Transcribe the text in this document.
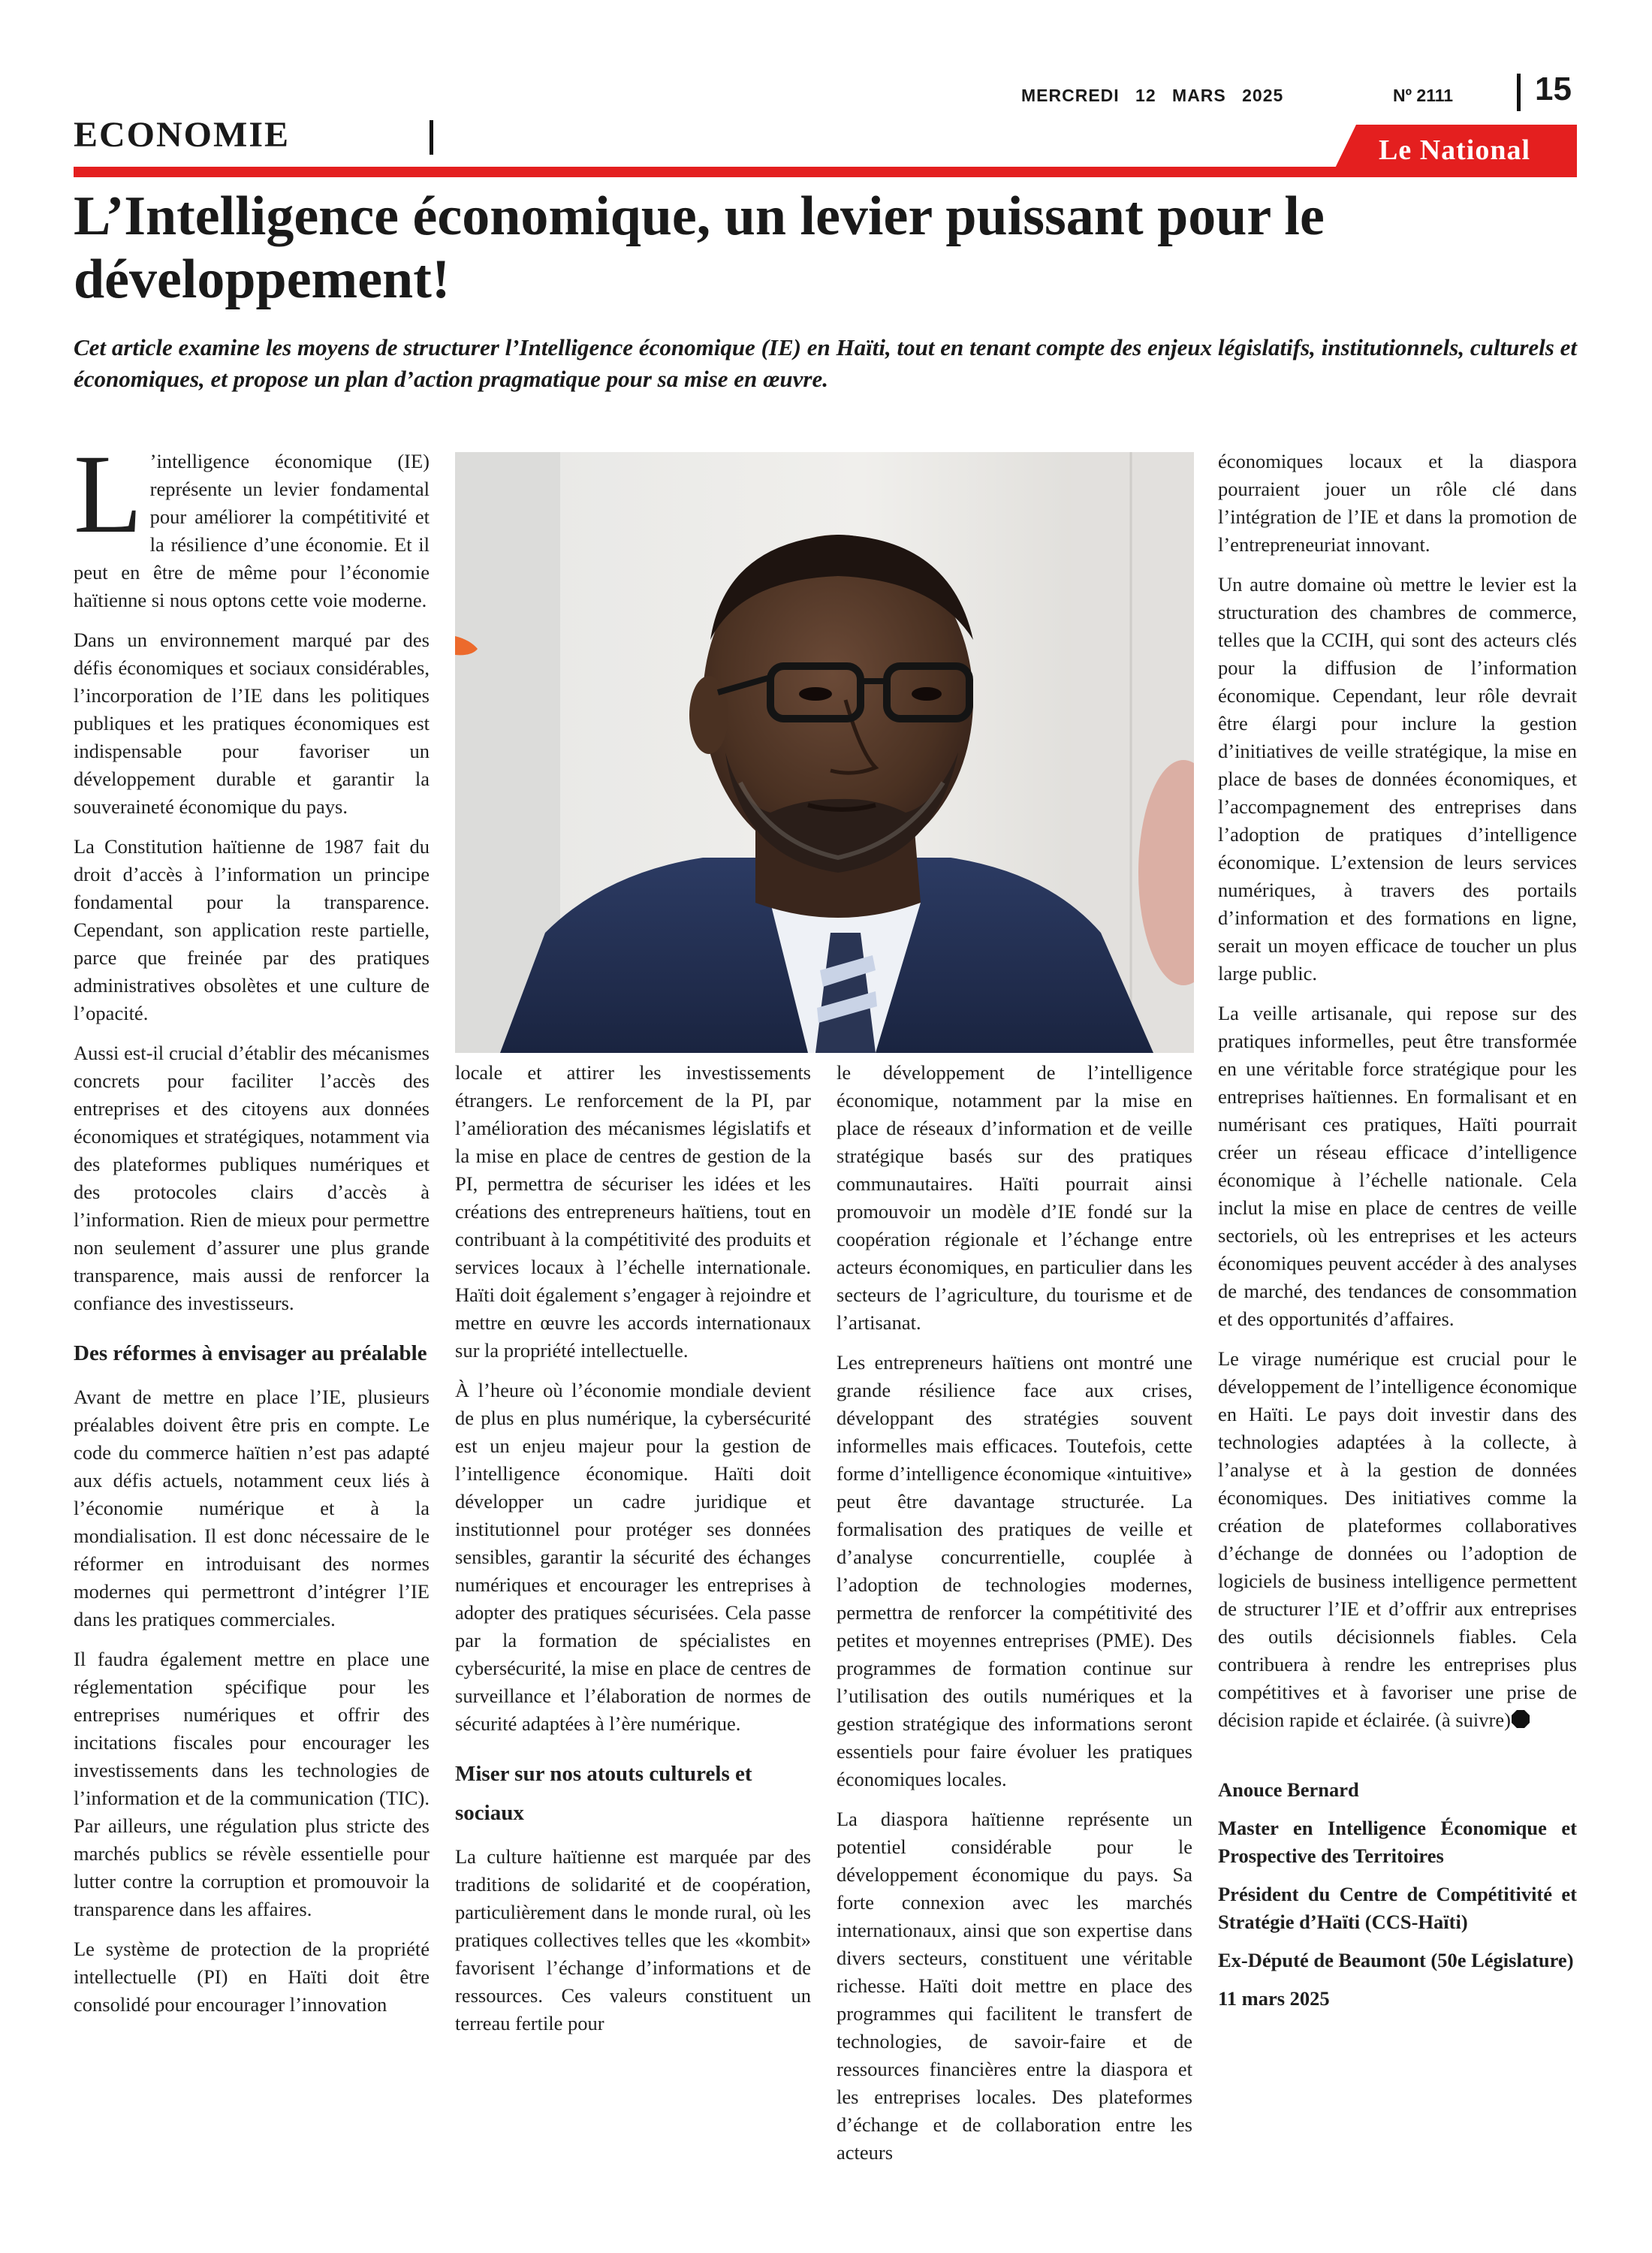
MERCREDI 12 MARS 2025	Nº 2111 15
ECONOMIE	Le National
L’Intelligence économique, un levier puissant pour le développement!

Cet article examine les moyens de structurer l’Intelligence économique (IE) en Haïti, tout en tenant compte des enjeux législatifs, institutionnels, culturels et économiques, et propose un plan d’action pragmatique pour sa mise en œuvre.

L ’intelligence économique (IE) représente un levier fondamental pour améliorer la compétitivité et la résilience d’une économie. Et il peut en être de même pour l’économie haïtienne si nous optons cette voie moderne.

Dans un environnement marqué par des défis économiques et sociaux considérables, l’incorporation de l’IE dans les politiques publiques et les pratiques économiques est indispensable pour favoriser un développement durable et garantir la souveraineté économique du pays.

La Constitution haïtienne de 1987 fait du droit d’accès à l’information un principe fondamental pour la transparence. Cependant, son application reste partielle, parce que freinée par des pratiques administratives obsolètes et une culture de l’opacité.

Aussi est-il crucial d’établir des mécanismes concrets pour faciliter l’accès des entreprises et des citoyens aux données économiques et stratégiques, notamment via des plateformes publiques numériques et des protocoles clairs d’accès à l’information. Rien de mieux pour permettre non seulement d’assurer une plus grande transparence, mais aussi de renforcer la confiance des investisseurs.

Des réformes à envisager au préalable

Avant de mettre en place l’IE, plusieurs préalables doivent être pris en compte. Le code du commerce haïtien n’est pas adapté aux défis actuels, notamment ceux liés à l’économie numérique et à la mondialisation. Il est donc nécessaire de le réformer en introduisant des normes modernes qui permettront d’intégrer l’IE dans les pratiques commerciales.

Il faudra également mettre en place une réglementation spécifique pour les entreprises numériques et offrir des incitations fiscales pour encourager les investissements dans les technologies de l’information et de la communication (TIC). Par ailleurs, une régulation plus stricte des marchés publics se révèle essentielle pour lutter contre la corruption et promouvoir la transparence dans les affaires.

Le système de protection de la propriété intellectuelle (PI) en Haïti doit être consolidé pour encourager l’innovation

locale et attirer les investissements étrangers. Le renforcement de la PI, par l’amélioration des mécanismes législatifs et la mise en place de centres de gestion de la PI, permettra de sécuriser les idées et les créations des entrepreneurs haïtiens, tout en contribuant à la compétitivité des produits et services locaux à l’échelle internationale. Haïti doit également s’engager à rejoindre et mettre en œuvre les accords internationaux sur la propriété intellectuelle.

À l’heure où l’économie mondiale devient de plus en plus numérique, la cybersécurité est un enjeu majeur pour la gestion de l’intelligence économique. Haïti doit développer un cadre juridique et institutionnel pour protéger ses données sensibles, garantir la sécurité des échanges numériques et encourager les entreprises à adopter des pratiques sécurisées. Cela passe par la formation de spécialistes en cybersécurité, la mise en place de centres de surveillance et l’élaboration de normes de sécurité adaptées à l’ère numérique.

Miser sur nos atouts culturels et sociaux

La culture haïtienne est marquée par des traditions de solidarité et de coopération, particulièrement dans le monde rural, où les pratiques collectives telles que les «kombit» favorisent l’échange d’informations et de ressources. Ces valeurs constituent un terreau fertile pour

le développement de l’intelligence économique, notamment par la mise en place de réseaux d’information et de veille stratégique basés sur des pratiques communautaires. Haïti pourrait ainsi promouvoir un modèle d’IE fondé sur la coopération régionale et l’échange entre acteurs économiques, en particulier dans les secteurs de l’agriculture, du tourisme et de l’artisanat.

Les entrepreneurs haïtiens ont montré une grande résilience face aux crises, développant des stratégies souvent informelles mais efficaces. Toutefois, cette forme d’intelligence économique «intuitive» peut être davantage structurée. La formalisation des pratiques de veille et d’analyse concurrentielle, couplée à l’adoption de technologies modernes, permettra de renforcer la compétitivité des petites et moyennes entreprises (PME). Des programmes de formation continue sur l’utilisation des outils numériques et la gestion stratégique des informations seront essentiels pour faire évoluer les pratiques économiques locales.

La diaspora haïtienne représente un potentiel considérable pour le développement économique du pays. Sa forte connexion avec les marchés internationaux, ainsi que son expertise dans divers secteurs, constituent une véritable richesse. Haïti doit mettre en place des programmes qui facilitent le transfert de technologies, de savoir-faire et de ressources financières entre la diaspora et les entreprises locales. Des plateformes d’échange et de collaboration entre les acteurs

économiques locaux et la diaspora pourraient jouer un rôle clé dans l’intégration de l’IE et dans la promotion de l’entrepreneuriat innovant.

Un autre domaine où mettre le levier est la structuration des chambres de commerce, telles que la CCIH, qui sont des acteurs clés pour la diffusion de l’information économique. Cependant, leur rôle devrait être élargi pour inclure la gestion d’initiatives de veille stratégique, la mise en place de bases de données économiques, et l’accompagnement des entreprises dans l’adoption de pratiques d’intelligence économique. L’extension de leurs services numériques, à travers des portails d’information et des formations en ligne, serait un moyen efficace de toucher un plus large public.

La veille artisanale, qui repose sur des pratiques informelles, peut être transformée en une véritable force stratégique pour les entreprises haïtiennes. En formalisant et en numérisant ces pratiques, Haïti pourrait créer un réseau efficace d’intelligence économique à l’échelle nationale. Cela inclut la mise en place de centres de veille sectoriels, où les entreprises et les acteurs économiques peuvent accéder à des analyses de marché, des tendances de consommation et des opportunités d’affaires.

Le virage numérique est crucial pour le développement de l’intelligence économique en Haïti. Le pays doit investir dans des technologies adaptées à la collecte, à l’analyse et à la gestion de données économiques. Des initiatives comme la création de plateformes collaboratives d’échange de données ou l’adoption de logiciels de business intelligence permettent de structurer l’IE et d’offrir aux entreprises des outils décisionnels fiables. Cela contribuera à rendre les entreprises plus compétitives et à favoriser une prise de décision rapide et éclairée. (à suivre)

Anouce Bernard

Master en Intelligence Économique et Prospective des Territoires

Président du Centre de Compétitivité et Stratégie d’Haïti (CCS-Haïti)

Ex-Député de Beaumont (50e Législature)

11 mars 2025
